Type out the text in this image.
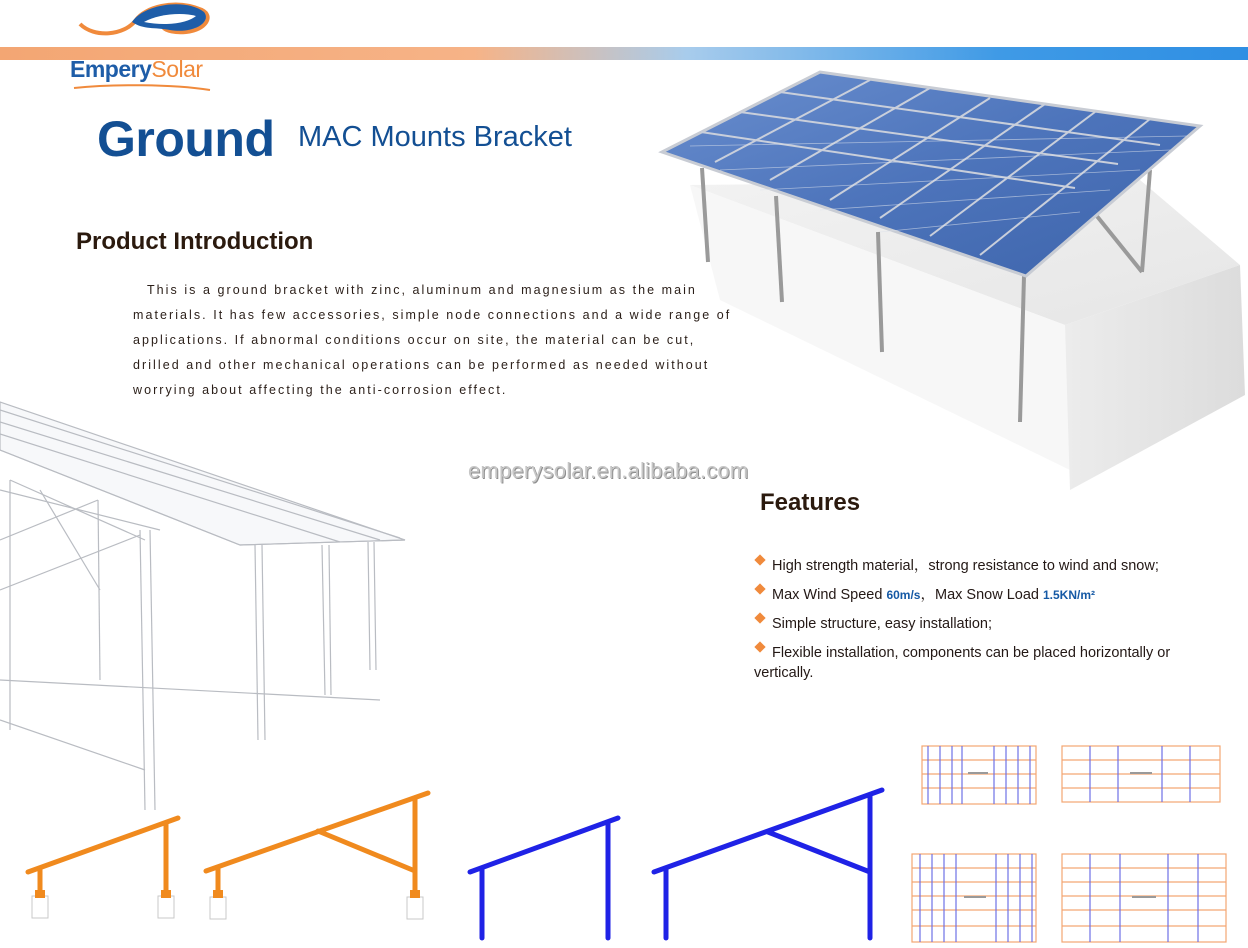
EmperySolar
Ground MAC Mounts Bracket
Product Introduction
This is a ground bracket with zinc, aluminum and magnesium as the main materials. It has few accessories, simple node connections and a wide range of applications. If abnormal conditions occur on site, the material can be cut, drilled and other mechanical operations can be performed as needed without worrying about affecting the anti-corrosion effect.
emperysolar.en.alibaba.com
Features
High strength material，strong resistance to wind and snow;
Max Wind Speed 60m/s，Max Snow Load 1.5KN/m²
Simple structure, easy installation;
Flexible installation, components can be placed horizontally or vertically.
